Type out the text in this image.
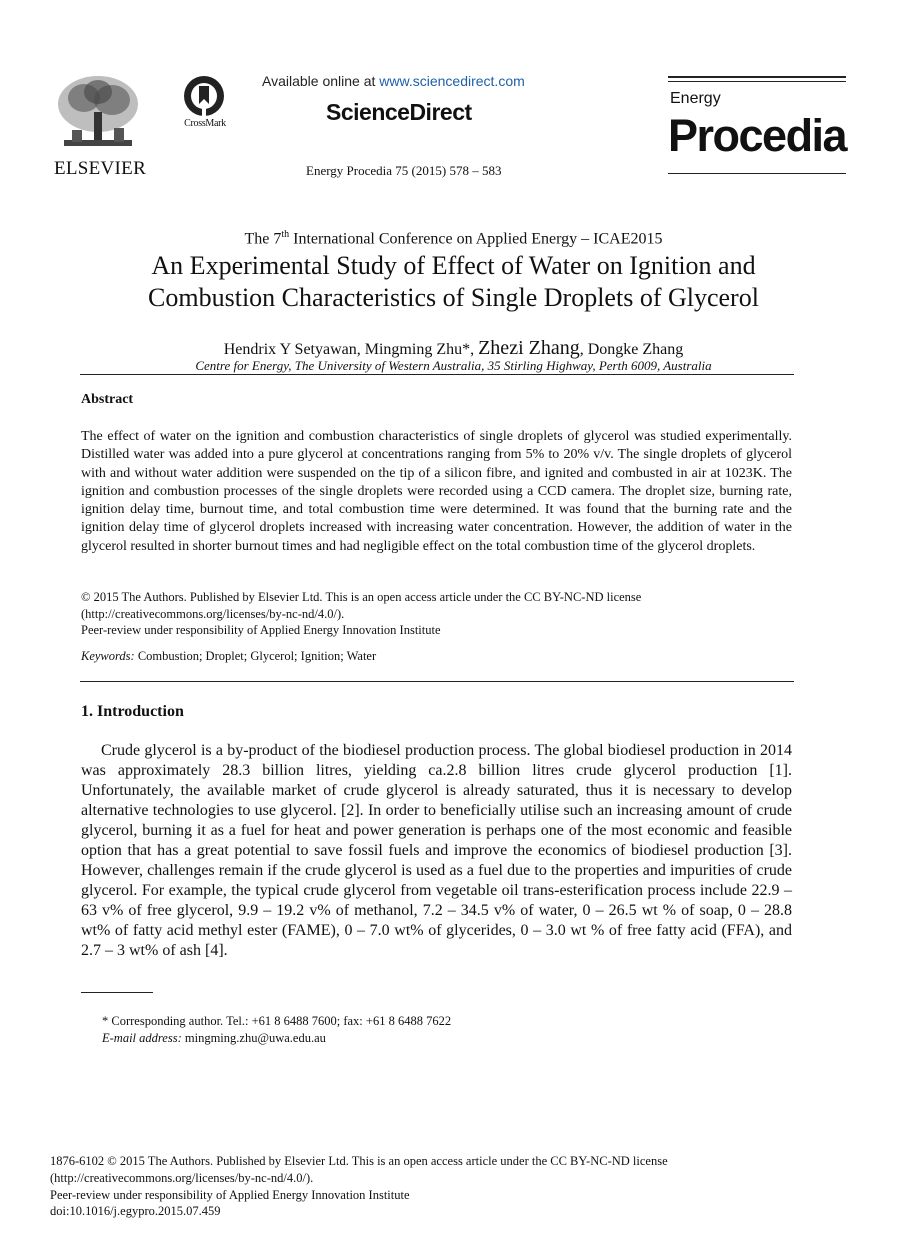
ELSEVIER
CrossMark
Available online at www.sciencedirect.com
ScienceDirect
Energy Procedia 75 (2015) 578 – 583
Energy
Procedia
The 7th International Conference on Applied Energy – ICAE2015
An Experimental Study of Effect of Water on Ignition and
Combustion Characteristics of Single Droplets of Glycerol
Hendrix Y Setyawan, Mingming Zhu*, Zhezi Zhang, Dongke Zhang
Centre for Energy, The University of Western Australia, 35 Stirling Highway, Perth 6009, Australia
Abstract
The effect of water on the ignition and combustion characteristics of single droplets of glycerol was studied experimentally. Distilled water was added into a pure glycerol at concentrations ranging from 5% to 20% v/v. The single droplets of glycerol with and without water addition were suspended on the tip of a silicon fibre, and ignited and combusted in air at 1023K. The ignition and combustion processes of the single droplets were recorded using a CCD camera. The droplet size, burning rate, ignition delay time, burnout time, and total combustion time were determined. It was found that the burning rate and the ignition delay time of glycerol droplets increased with increasing water concentration. However, the addition of water in the glycerol resulted in shorter burnout times and had negligible effect on the total combustion time of the glycerol droplets.
© 2015 The Authors. Published by Elsevier Ltd. This is an open access article under the CC BY-NC-ND license
(http://creativecommons.org/licenses/by-nc-nd/4.0/).
Peer-review under responsibility of Applied Energy Innovation Institute
Keywords: Combustion; Droplet; Glycerol; Ignition; Water
1. Introduction
Crude glycerol is a by-product of the biodiesel production process. The global biodiesel production in 2014 was approximately 28.3 billion litres, yielding ca.2.8 billion litres crude glycerol production [1]. Unfortunately, the available market of crude glycerol is already saturated, thus it is necessary to develop alternative technologies to use glycerol. [2]. In order to beneficially utilise such an increasing amount of crude glycerol, burning it as a fuel for heat and power generation is perhaps one of the most economic and feasible option that has a great potential to save fossil fuels and improve the economics of biodiesel production [3]. However, challenges remain if the crude glycerol is used as a fuel due to the properties and impurities of crude glycerol. For example, the typical crude glycerol from vegetable oil trans-esterification process include 22.9 – 63 v% of free glycerol, 9.9 – 19.2 v% of methanol, 7.2 – 34.5 v% of water, 0 – 26.5 wt % of soap, 0 – 28.8 wt% of fatty acid methyl ester (FAME), 0 – 7.0 wt% of glycerides, 0 – 3.0 wt % of free fatty acid (FFA), and 2.7 – 3 wt% of ash [4].
* Corresponding author. Tel.: +61 8 6488 7600; fax: +61 8 6488 7622
E-mail address: mingming.zhu@uwa.edu.au
1876-6102 © 2015 The Authors. Published by Elsevier Ltd. This is an open access article under the CC BY-NC-ND license
(http://creativecommons.org/licenses/by-nc-nd/4.0/).
Peer-review under responsibility of Applied Energy Innovation Institute
doi:10.1016/j.egypro.2015.07.459
